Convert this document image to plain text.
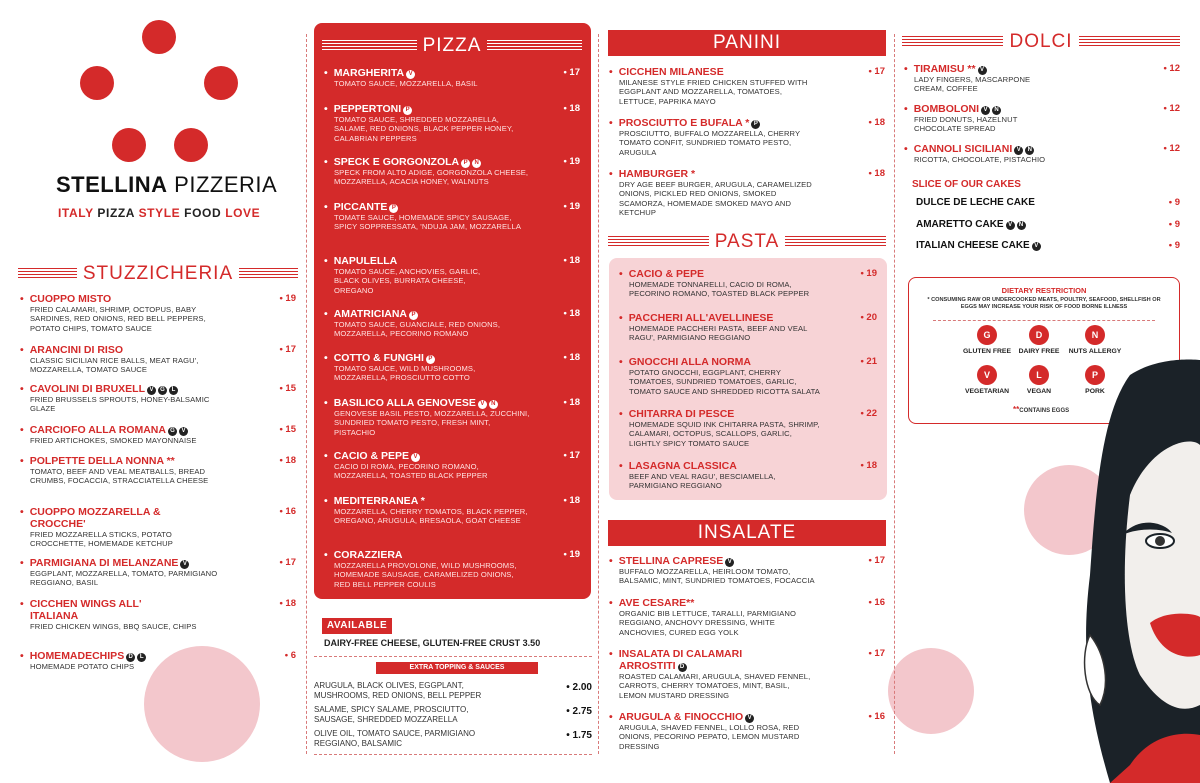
STELLINA PIZZERIA
ITALY PIZZA STYLE FOOD LOVE
STUZZICHERIA
• CUOPPO MISTO
FRIED CALAMARI, SHRIMP, OCTOPUS, BABY SARDINES, RED ONIONS, RED BELL PEPPERS, POTATO CHIPS, TOMATO SAUCE
• 19
• ARANCINI DI RISO
CLASSIC SICILIAN RICE BALLS, MEAT RAGU', MOZZARELLA, TOMATO SAUCE
• 17
• CAVOLINI DI BRUXELL V G L
FRIED BRUSSELS SPROUTS, HONEY-BALSAMIC GLAZE
• 15
• CARCIOFO ALLA ROMANA G V
FRIED ARTICHOKES, SMOKED MAYONNAISE
• 15
• POLPETTE DELLA NONNA **
TOMATO, BEEF AND VEAL MEATBALLS, BREAD CRUMBS, FOCACCIA, STRACCIATELLA CHEESE
• 18
• CUOPPO MOZZARELLA & CROCCHE'
FRIED MOZZARELLA STICKS, POTATO CROCCHETTE, HOMEMADE KETCHUP
• 16
• PARMIGIANA DI MELANZANE V
EGGPLANT, MOZZARELLA, TOMATO, PARMIGIANO REGGIANO, BASIL
• 17
• CICCHEN WINGS ALL' ITALIANA
FRIED CHICKEN WINGS, BBQ SAUCE, CHIPS
• 18
• HOMEMADECHIPS D L
HOMEMADE POTATO CHIPS
• 6
PIZZA
• MARGHERITA V
TOMATO SAUCE, MOZZARELLA, BASIL
• 17
• PEPPERTONI P
TOMATO SAUCE, SHREDDED MOZZARELLA, SALAME, RED ONIONS, BLACK PEPPER HONEY, CALABRIAN PEPPERS
• 18
• SPECK E GORGONZOLA P N
SPECK FROM ALTO ADIGE, GORGONZOLA CHEESE, MOZZARELLA, ACACIA HONEY, WALNUTS
• 19
• PICCANTE P
TOMATE SAUCE, HOMEMADE SPICY SAUSAGE, SPICY SOPPRESSATA, 'NDUJA JAM, MOZZARELLA
• 19
• NAPULELLA
TOMATO SAUCE, ANCHOVIES, GARLIC, BLACK OLIVES, BURRATA CHEESE, OREGANO
• 18
• AMATRICIANA P
TOMATO SAUCE, GUANCIALE, RED ONIONS, MOZZARELLA, PECORINO ROMANO
• 18
• COTTO & FUNGHI P
TOMATO SAUCE, WILD MUSHROOMS, MOZZARELLA, PROSCIUTTO COTTO
• 18
• BASILICO ALLA GENOVESE V N
GENOVESE BASIL PESTO, MOZZARELLA, ZUCCHINI, SUNDRIED TOMATO PESTO, FRESH MINT, PISTACHIO
• 18
• CACIO & PEPE V
CACIO DI ROMA, PECORINO ROMANO, MOZZARELLA, TOASTED BLACK PEPPER
• 17
• MEDITERRANEA *
MOZZARELLA, CHERRY TOMATOS, BLACK PEPPER, OREGANO, ARUGULA, BRESAOLA, GOAT CHEESE
• 18
• CORAZZIERA
MOZZARELLA PROVOLONE, WILD MUSHROOMS, HOMEMADE SAUSAGE, CARAMELIZED ONIONS, RED BELL PEPPER COULIS
• 19
AVAILABLE
DAIRY-FREE CHEESE, GLUTEN-FREE CRUST 3.50
EXTRA TOPPING & SAUCES
ARUGULA, BLACK OLIVES, EGGPLANT, MUSHROOMS, RED ONIONS, BELL PEPPER
• 2.00
SALAME, SPICY SALAME, PROSCIUTTO, SAUSAGE, SHREDDED MOZZARELLA
• 2.75
OLIVE OIL, TOMATO SAUCE, PARMIGIANO REGGIANO, BALSAMIC
• 1.75
PANINI
• CICCHEN MILANESE
MILANESE STYLE FRIED CHICKEN STUFFED WITH EGGPLANT AND MOZZARELLA, TOMATOES, LETTUCE, PAPRIKA MAYO
• 17
• PROSCIUTTO E BUFALA * P
PROSCIUTTO, BUFFALO MOZZARELLA, CHERRY TOMATO CONFIT, SUNDRIED TOMATO PESTO, ARUGULA
• 18
• HAMBURGER *
DRY AGE BEEF BURGER, ARUGULA, CARAMELIZED ONIONS, PICKLED RED ONIONS, SMOKED SCAMORZA, HOMEMADE SMOKED MAYO AND KETCHUP
• 18
PASTA
• CACIO & PEPE
HOMEMADE TONNARELLI, CACIO DI ROMA, PECORINO ROMANO, TOASTED BLACK PEPPER
• 19
• PACCHERI ALL'AVELLINESE
HOMEMADE PACCHERI PASTA, BEEF AND VEAL RAGU', PARMIGIANO REGGIANO
• 20
• GNOCCHI ALLA NORMA
POTATO GNOCCHI, EGGPLANT, CHERRY TOMATOES, SUNDRIED TOMATOES, GARLIC, TOMATO SAUCE AND SHREDDED RICOTTA SALATA
• 21
• CHITARRA DI PESCE
HOMEMADE SQUID INK CHITARRA PASTA, SHRIMP, CALAMARI, OCTOPUS, SCALLOPS, GARLIC, LIGHTLY SPICY TOMATO SAUCE
• 22
• LASAGNA CLASSICA
BEEF AND VEAL RAGU', BESCIAMELLA, PARMIGIANO REGGIANO
• 18
INSALATE
• STELLINA CAPRESE V
BUFFALO MOZZARELLA, HEIRLOOM TOMATO, BALSAMIC, MINT, SUNDRIED TOMATOES, FOCACCIA
• 17
• AVE CESARE**
ORGANIC BIB LETTUCE, TARALLI, PARMIGIANO REGGIANO, ANCHOVY DRESSING, WHITE ANCHOVIES, CURED EGG YOLK
• 16
• INSALATA DI CALAMARI ARROSTITI D
ROASTED CALAMARI, ARUGULA, SHAVED FENNEL, CARROTS, CHERRY TOMATOES, MINT, BASIL, LEMON MUSTARD DRESSING
• 17
• ARUGULA & FINOCCHIO V
ARUGULA, SHAVED FENNEL, LOLLO ROSA, RED ONIONS, PECORINO PEPATO, LEMON MUSTARD DRESSING
• 16
DOLCI
• TIRAMISU ** V
LADY FINGERS, MASCARPONE CREAM, COFFEE
• 12
• BOMBOLONI V N
FRIED DONUTS, HAZELNUT CHOCOLATE SPREAD
• 12
• CANNOLI SICILIANI V N
RICOTTA, CHOCOLATE, PISTACHIO
• 12
SLICE OF OUR CAKES
DULCE DE LECHE CAKE	• 9
AMARETTO CAKE V N	• 9
ITALIAN CHEESE CAKE V	• 9
DIETARY RESTRICTION
* CONSUMING RAW OR UNDERCOOKED MEATS, POULTRY, SEAFOOD, SHELLFISH OR EGGS MAY INCREASE YOUR RISK OF FOOD BORNE ILLNESS
G
GLUTEN FREE
D
DAIRY FREE
N
NUTS ALLERGY
V
VEGETARIAN
L
VEGAN
P
PORK
**CONTAINS EGGS
